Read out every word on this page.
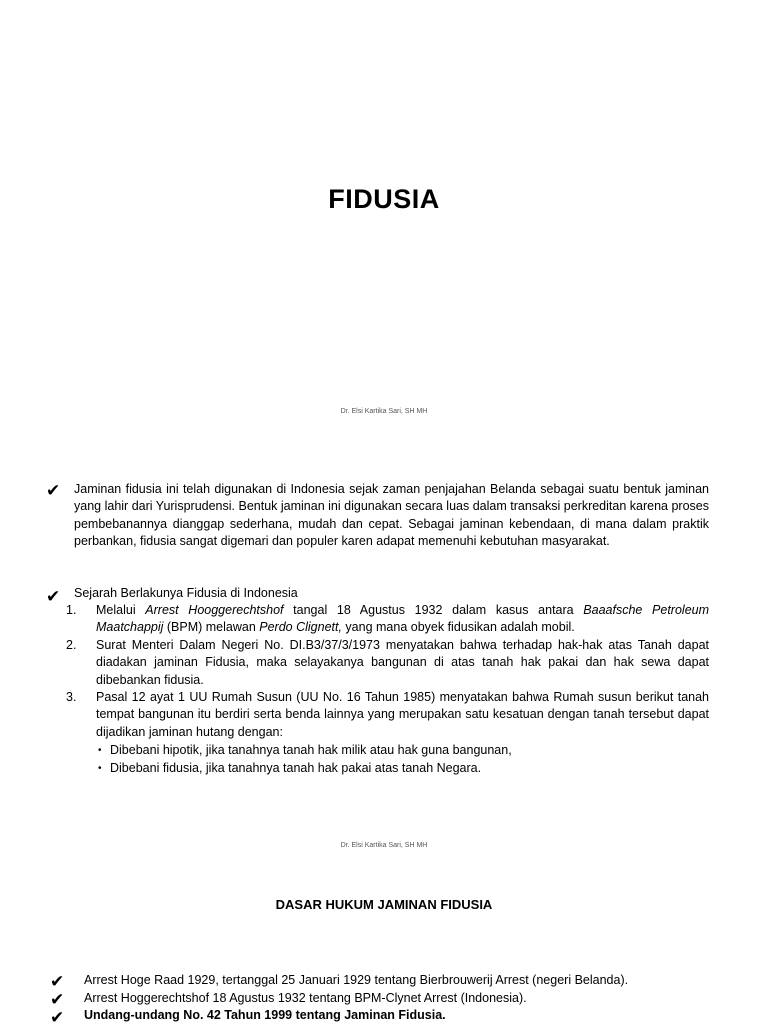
FIDUSIA
Dr. Elsi Kartika Sari, SH MH
✔ Jaminan fidusia ini telah digunakan di Indonesia sejak zaman penjajahan Belanda sebagai suatu bentuk jaminan yang lahir dari Yurisprudensi. Bentuk jaminan ini digunakan secara luas dalam transaksi perkreditan karena proses pembebanannya dianggap sederhana, mudah dan cepat. Sebagai jaminan kebendaan, di mana dalam praktik perbankan, fidusia sangat digemari dan populer karen adapat memenuhi kebutuhan masyarakat.
✔ Sejarah Berlakunya Fidusia di Indonesia
1. Melalui Arrest Hooggerechtshof tangal 18 Agustus 1932 dalam kasus antara Baaafsche Petroleum Maatchappij (BPM) melawan Perdo Clignett, yang mana obyek fidusikan adalah mobil.
2. Surat Menteri Dalam Negeri No. DI.B3/37/3/1973 menyatakan bahwa terhadap hak-hak atas Tanah dapat diadakan jaminan Fidusia, maka selayakanya bangunan di atas tanah hak pakai dan hak sewa dapat dibebankan fidusia.
3. Pasal 12 ayat 1 UU Rumah Susun (UU No. 16 Tahun 1985) menyatakan bahwa Rumah susun berikut tanah tempat bangunan itu berdiri serta benda lainnya yang merupakan satu kesatuan dengan tanah tersebut dapat dijadikan jaminan hutang dengan:
• Dibebani hipotik, jika tanahnya tanah hak milik atau hak guna bangunan,
• Dibebani fidusia, jika tanahnya tanah hak pakai atas tanah Negara.
Dr. Elsi Kartika Sari, SH MH
DASAR HUKUM JAMINAN FIDUSIA
✔ Arrest Hoge Raad 1929, tertanggal 25 Januari 1929 tentang Bierbrouwerij Arrest (negeri Belanda).
✔ Arrest Hoggerechtshof 18 Agustus 1932 tentang BPM-Clynet Arrest (Indonesia).
✔ Undang-undang No. 42 Tahun 1999 tentang Jaminan Fidusia.
